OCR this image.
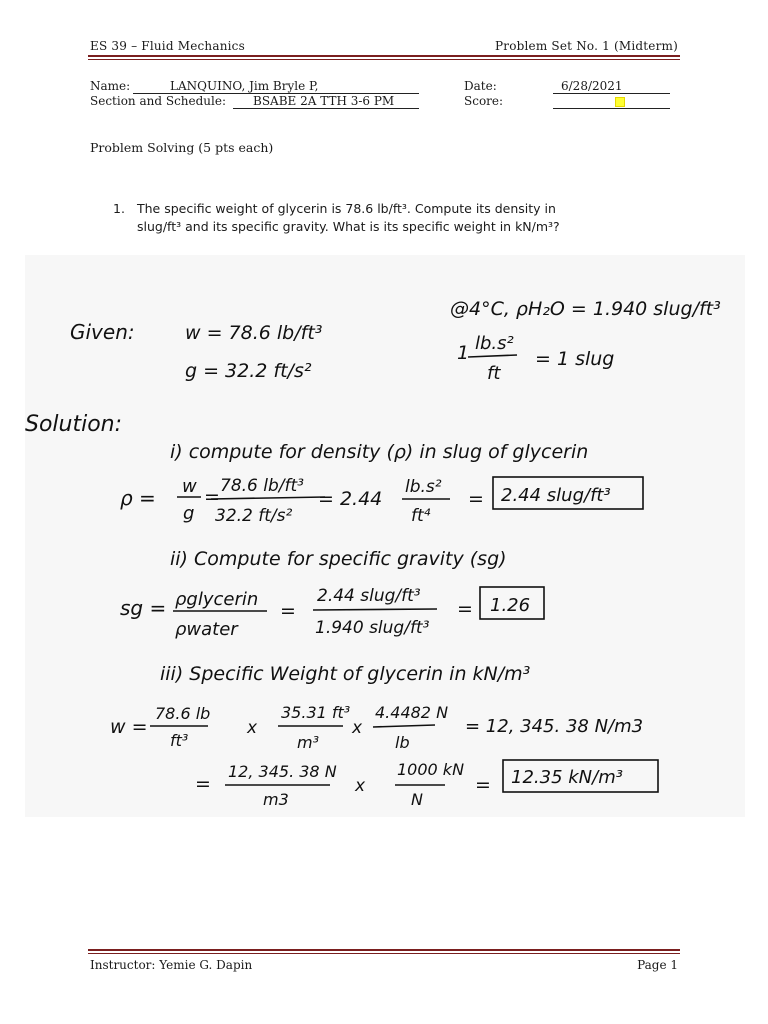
ES 39 – Fluid Mechanics	Problem Set No. 1 (Midterm)
Name:	LANQUINO, Jim Bryle P,
Section and Schedule:	BSABE 2A TTH 3-6 PM
Date:	6/28/2021
Score:
Problem Solving (5 pts each)
1. The specific weight of glycerin is 78.6 lb/ft³. Compute its density in
slug/ft³ and its specific gravity. What is its specific weight in kN/m³?
Given:	w = 78.6 lb/ft³
g = 32.2 ft/s²
@4°C, ρH₂O = 1.940 slug/ft³
1 lb.s²
ft
= 1 slug
Solution:
i) compute for density (ρ) in slug of glycerin
ρ = w
g
= 78.6 lb/ft³
32.2 ft/s²
= 2.44
lb.s²
ft⁴
= 2.44 slug/ft³
ii) Compute for specific gravity (sg)
sg = ρglycerin
ρwater
=
2.44 slug/ft³
1.940 slug/ft³
= 1.26
iii) Specific Weight of glycerin in kN/m³
w =
78.6 lb
ft³
x
35.31 ft³
m³
x
4.4482 N
lb
= 12, 345. 38 N/m3
=
12, 345. 38 N
m3
x
1000 kN
N
= 12.35 kN/m³
Instructor: Yemie G. Dapin	Page 1
